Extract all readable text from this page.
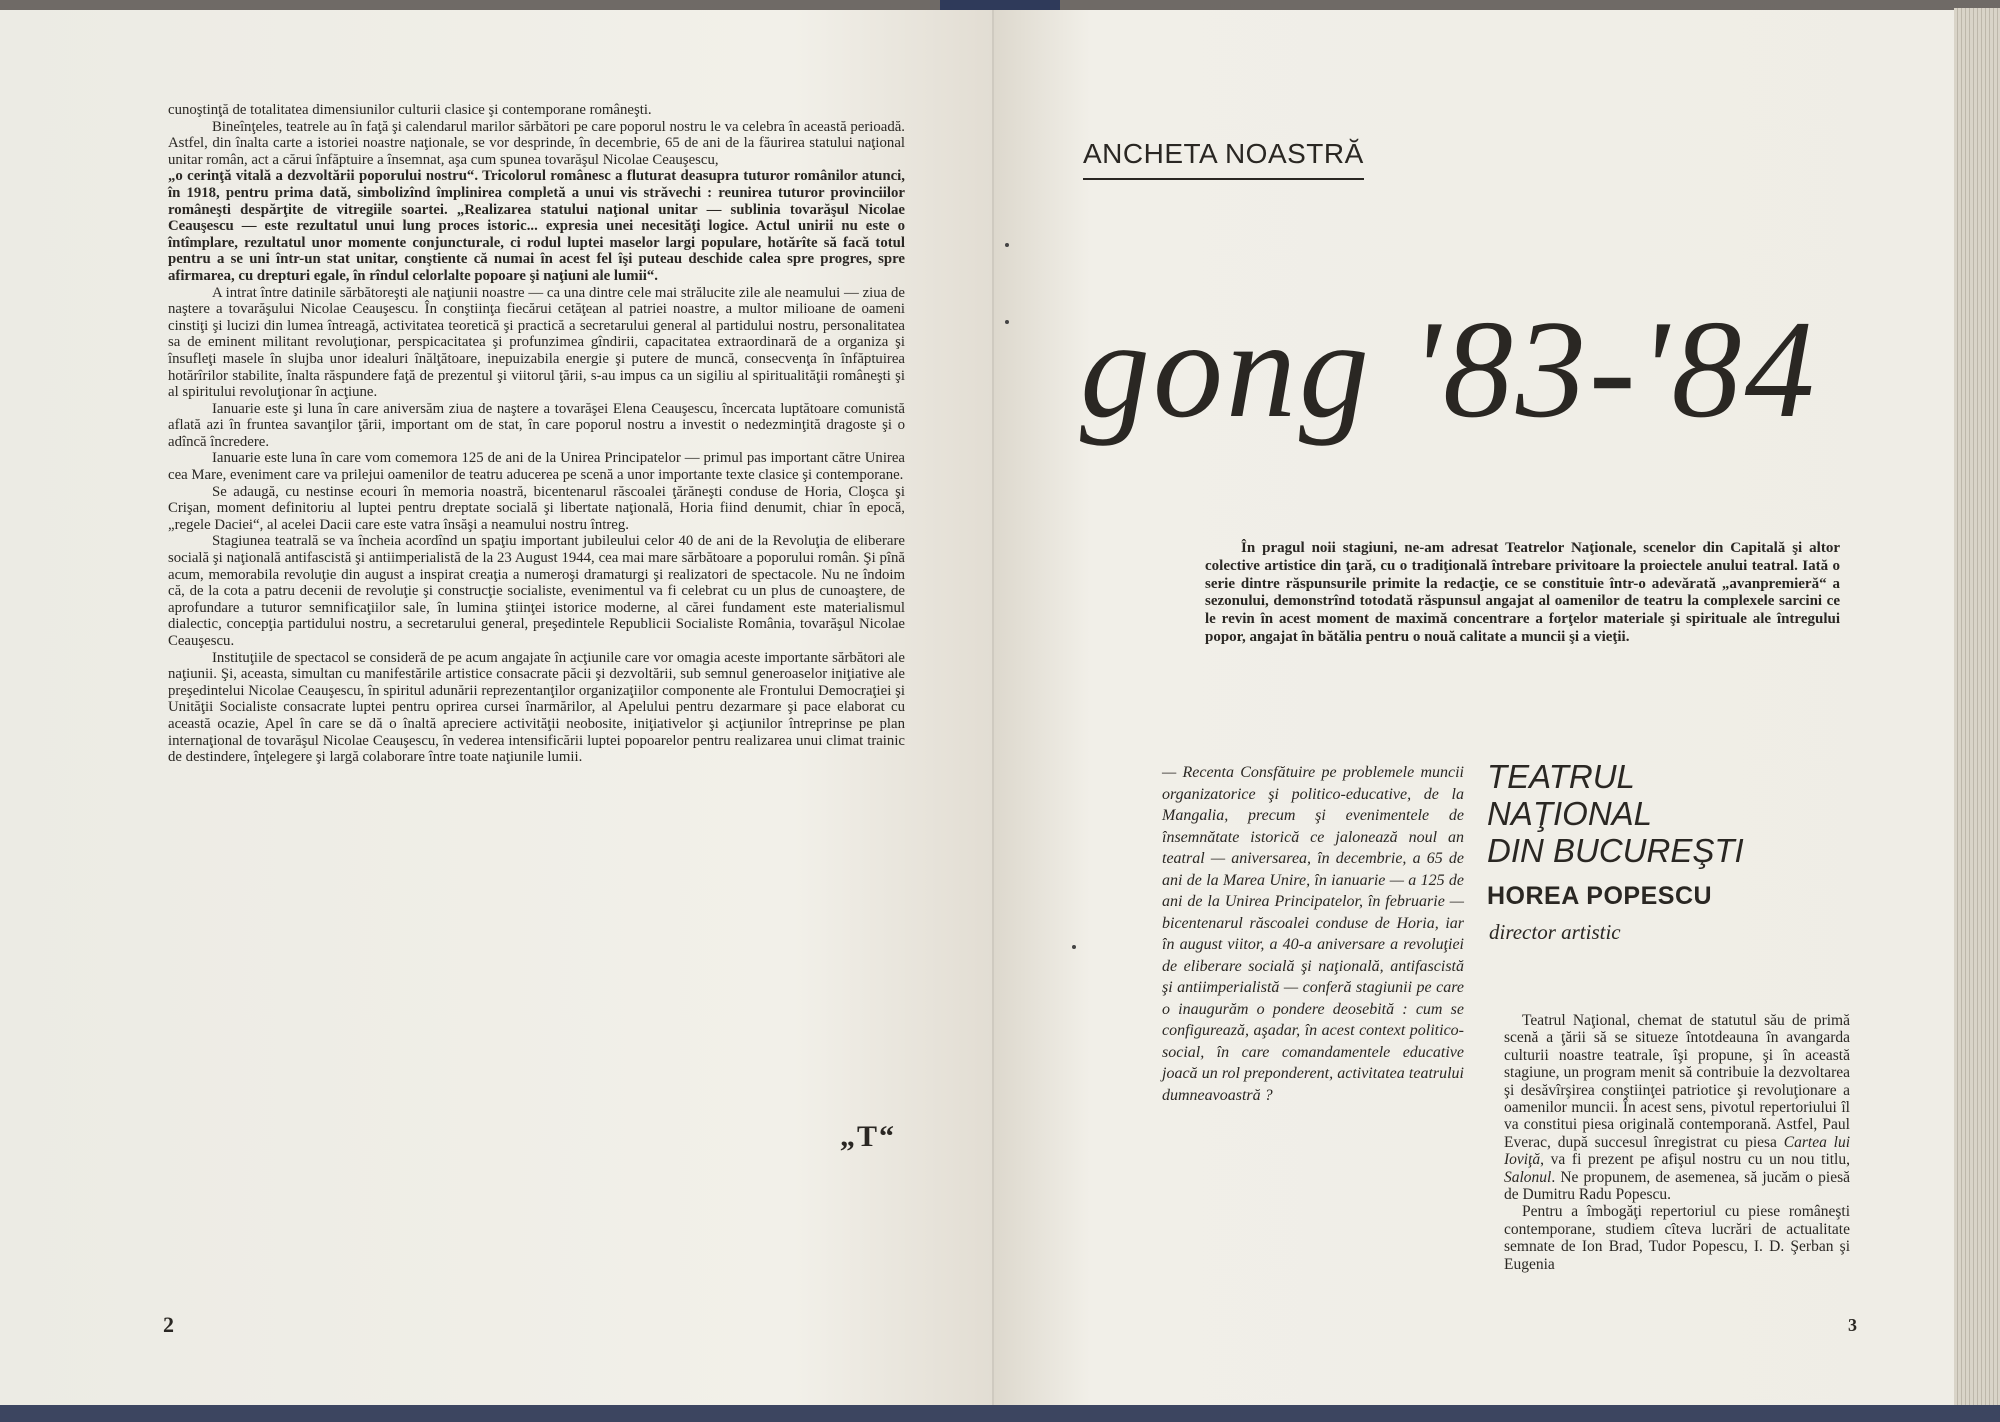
cunoştinţă de totalitatea dimensiunilor culturii clasice şi contemporane româneşti.

Bineînţeles, teatrele au în faţă şi calendarul marilor sărbători pe care poporul nostru le va celebra în această perioadă. Astfel, din înalta carte a istoriei noastre naţionale, se vor desprinde, în decembrie, 65 de ani de la făurirea statului naţional unitar român, act a cărui înfăptuire a însemnat, aşa cum spunea tovarăşul Nicolae Ceauşescu,

„o cerinţă vitală a dezvoltării poporului nostru“. Tricolorul românesc a fluturat deasupra tuturor românilor atunci, în 1918, pentru prima dată, simbolizînd împlinirea completă a unui vis străvechi : reunirea tuturor provinciilor româneşti despărţite de vitregiile soartei. „Realizarea statului naţional unitar — sublinia tovarăşul Nicolae Ceauşescu — este rezultatul unui lung proces istoric... expresia unei necesităţi logice. Actul unirii nu este o întîmplare, rezultatul unor momente conjuncturale, ci rodul luptei maselor largi populare, hotărîte să facă totul pentru a se uni într-un stat unitar, conştiente că numai în acest fel îşi puteau deschide calea spre progres, spre afirmarea, cu drepturi egale, în rîndul celorlalte popoare şi naţiuni ale lumii“.

A intrat între datinile sărbătoreşti ale naţiunii noastre — ca una dintre cele mai strălucite zile ale neamului — ziua de naştere a tovarăşului Nicolae Ceauşescu. În conştiinţa fiecărui cetăţean al patriei noastre, a multor milioane de oameni cinstiţi şi lucizi din lumea întreagă, activitatea teoretică şi practică a secretarului general al partidului nostru, personalitatea sa de eminent militant revoluţionar, perspicacitatea şi profunzimea gîndirii, capacitatea extraordinară de a organiza şi însufleţi masele în slujba unor idealuri înălţătoare, inepuizabila energie şi putere de muncă, consecvenţa în înfăptuirea hotărîrilor stabilite, înalta răspundere faţă de prezentul şi viitorul ţării, s-au impus ca un sigiliu al spiritualităţii româneşti şi al spiritului revoluţionar în acţiune.

Ianuarie este şi luna în care aniversăm ziua de naştere a tovarăşei Elena Ceauşescu, încercata luptătoare comunistă aflată azi în fruntea savanţilor ţării, important om de stat, în care poporul nostru a investit o nedezminţită dragoste şi o adîncă încredere.

Ianuarie este luna în care vom comemora 125 de ani de la Unirea Principatelor — primul pas important către Unirea cea Mare, eveniment care va prilejui oamenilor de teatru aducerea pe scenă a unor importante texte clasice şi contemporane.

Se adaugă, cu nestinse ecouri în memoria noastră, bicentenarul răscoalei ţărăneşti conduse de Horia, Cloşca şi Crişan, moment definitoriu al luptei pentru dreptate socială şi libertate naţională, Horia fiind denumit, chiar în epocă, „regele Daciei“, al acelei Dacii care este vatra însăşi a neamului nostru întreg.

Stagiunea teatrală se va încheia acordînd un spaţiu important jubileului celor 40 de ani de la Revoluţia de eliberare socială şi naţională antifascistă şi antiimperialistă de la 23 August 1944, cea mai mare sărbătoare a poporului român. Şi pînă acum, memorabila revoluţie din august a inspirat creaţia a numeroşi dramaturgi şi realizatori de spectacole. Nu ne îndoim că, de la cota a patru decenii de revoluţie şi construcţie socialiste, evenimentul va fi celebrat cu un plus de cunoaştere, de aprofundare a tuturor semnificaţiilor sale, în lumina ştiinţei istorice moderne, al cărei fundament este materialismul dialectic, concepţia partidului nostru, a secretarului general, preşedintele Republicii Socialiste România, tovarăşul Nicolae Ceauşescu.

Instituţiile de spectacol se consideră de pe acum angajate în acţiunile care vor omagia aceste importante sărbători ale naţiunii. Şi, aceasta, simultan cu manifestările artistice consacrate păcii şi dezvoltării, sub semnul generoaselor iniţiative ale preşedintelui Nicolae Ceauşescu, în spiritul adunării reprezentanţilor organizaţiilor componente ale Frontului Democraţiei şi Unităţii Socialiste consacrate luptei pentru oprirea cursei înarmărilor, al Apelului pentru dezarmare şi pace elaborat cu această ocazie, Apel în care se dă o înaltă apreciere activităţii neobosite, iniţiativelor şi acţiunilor întreprinse pe plan internaţional de tovarăşul Nicolae Ceauşescu, în vederea intensificării luptei popoarelor pentru realizarea unui climat trainic de destindere, înţelegere şi largă colaborare între toate naţiunile lumii.

„T“
2
ANCHETA NOASTRĂ
gong '83-'84
În pragul noii stagiuni, ne-am adresat Teatrelor Naţionale, scenelor din Capitală şi altor colective artistice din ţară, cu o tradiţională întrebare privitoare la proiectele anului teatral. Iată o serie dintre răspunsurile primite la redacţie, ce se constituie într-o adevărată „avanpremieră“ a sezonului, demonstrînd totodată răspunsul angajat al oamenilor de teatru la complexele sarcini ce le revin în acest moment de maximă concentrare a forţelor materiale şi spirituale ale întregului popor, angajat în bătălia pentru o nouă calitate a muncii şi a vieţii.
— Recenta Consfătuire pe problemele muncii organizatorice şi politico-educative, de la Mangalia, precum şi evenimentele de însemnătate istorică ce jalonează noul an teatral — aniversarea, în decembrie, a 65 de ani de la Marea Unire, în ianuarie — a 125 de ani de la Unirea Principatelor, în februarie — bicentenarul răscoalei conduse de Horia, iar în august viitor, a 40-a aniversare a revoluţiei de eliberare socială şi naţională, antifascistă şi antiimperialistă — conferă stagiunii pe care o inaugurăm o pondere deosebită : cum se configurează, aşadar, în acest context politico-social, în care comandamentele educative joacă un rol preponderent, activitatea teatrului dumneavoastră ?
TEATRUL
NAŢIONAL
DIN BUCUREŞTI
HOREA POPESCU
director artistic

Teatrul Naţional, chemat de statutul său de primă scenă a ţării să se situeze întotdeauna în avangarda culturii noastre teatrale, îşi propune, şi în această stagiune, un program menit să contribuie la dezvoltarea şi desăvîrşirea conştiinţei patriotice şi revoluţionare a oamenilor muncii. În acest sens, pivotul repertoriului îl va constitui piesa originală contemporană. Astfel, Paul Everac, după succesul înregistrat cu piesa Cartea lui Ioviţă, va fi prezent pe afişul nostru cu un nou titlu, Salonul. Ne propunem, de asemenea, să jucăm o piesă de Dumitru Radu Popescu.

Pentru a îmbogăţi repertoriul cu piese româneşti contemporane, studiem cîteva lucrări de actualitate semnate de Ion Brad, Tudor Popescu, I. D. Şerban şi Eugenia

3
